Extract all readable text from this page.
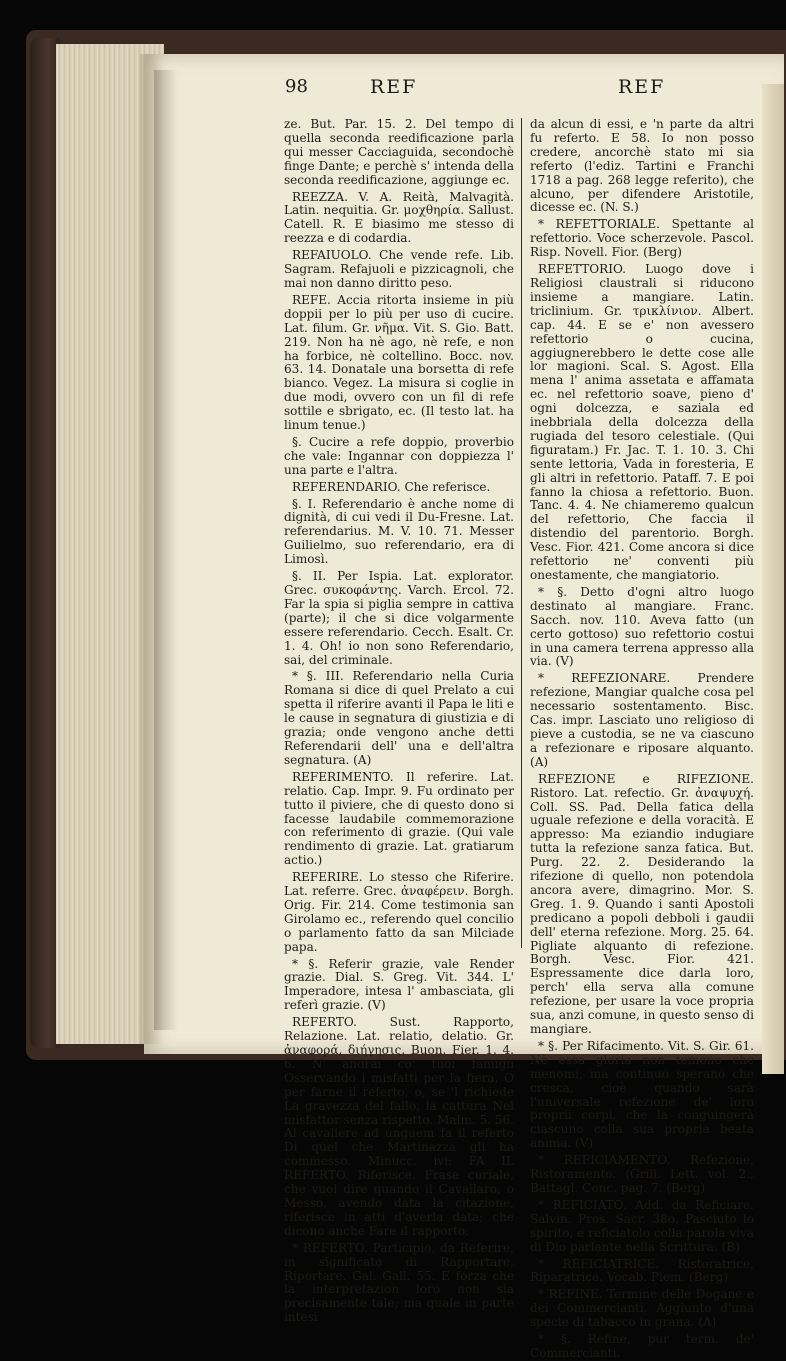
98	REF	REF

ze. But. Par. 15. 2. Del tempo di quella seconda reedificazione parla qui messer Cacciaguida, secondochè finge Dante; e perchè s' intenda della seconda reedificazione, aggiunge ec.

REEZZA. V. A. Reità, Malvagità. Latin. nequitia. Gr. μοχθηρία. Sallust. Catell. R. E biasimo me stesso di reezza e di codardia.

REFAIUOLO. Che vende refe. Lib. Sagram. Refajuoli e pizzicagnoli, che mai non danno diritto peso.

REFE. Accia ritorta insieme in più doppii per lo più per uso di cucire. Lat. filum. Gr. νῆμα. Vit. S. Gio. Batt. 219. Non ha nè ago, nè refe, e non ha forbice, nè coltellino. Bocc. nov. 63. 14. Donatale una borsetta di refe bianco. Vegez. La misura si coglie in due modi, ovvero con un fil di refe sottile e sbrigato, ec. (Il testo lat. ha linum tenue.)

§. Cucire a refe doppio, proverbio che vale: Ingannar con doppiezza l' una parte e l'altra.

REFERENDARIO. Che referisce.

§. I. Referendario è anche nome di dignità, di cui vedi il Du-Fresne. Lat. referendarius. M. V. 10. 71. Messer Guilielmo, suo referendario, era di Limosì.

§. II. Per Ispia. Lat. explorator. Grec. συκοφάντης. Varch. Ercol. 72. Far la spia si piglia sempre in cattiva (parte); il che si dice volgarmente essere referendario. Cecch. Esalt. Cr. 1. 4. Oh! io non sono Referendario, sai, del criminale.

* §. III. Referendario nella Curia Romana si dice di quel Prelato a cui spetta il riferire avanti il Papa le liti e le cause in segnatura di giustizia e di grazia; onde vengono anche detti Referendarii dell' una e dell'altra segnatura. (A)

REFERIMENTO. Il referire. Lat. relatio. Cap. Impr. 9. Fu ordinato per tutto il piviere, che di questo dono si facesse laudabile commemorazione con referimento di grazie. (Qui vale rendimento di grazie. Lat. gratiarum actio.)

REFERIRE. Lo stesso che Riferire. Lat. referre. Grec. ἀναφέρειν. Borgh. Orig. Fir. 214. Come testimonia san Girolamo ec., referendo quel concilio o parlamento fatto da san Milciade papa.

* §. Referir grazie, vale Render grazie. Dial. S. Greg. Vit. 344. L' Imperadore, intesa l' ambasciata, gli referì grazie. (V)

REFERTO. Sust. Rapporto, Relazione. Lat. relatio, delatio. Gr. ἀναφορά, διήγησις. Buon. Fier. 1. 4. 6. N' andrai co' tuoi famigli Osservando i misfatti per la fiera, O per farne il referto, o, se 'l richiede La gravezza del fallo, la cattura Nel misfattor senza rispetto. Malm. 5. 56. Al cavaliere ad unguem fa il referto Di quel che Martinazza gli ha commesso. Minucc. ivi: FA IL REFERTO. Riferisce. Frase curiale, che vuol dire quando il Cavallaro, o Messo, avendo data la citazione, riferisce in atti d'averla data; che dicono anche Fare il rapporto.

* REFERTO. Participio, da Referire, in significato di Rapportare, Riportare. Gal. Gall. 55. E forza che la interpretazion loro non sia precisamente tale; ma quale in parte intesi

da alcun di essi, e 'n parte da altri fu referto. E 58. Io non posso credere, ancorchè stato mi sia referto (l'ediz. Tartini e Franchi 1718 a pag. 268 legge referito), che alcuno, per difendere Aristotile, dicesse ec. (N. S.)

* REFETTORIALE. Spettante al refettorio. Voce scherzevole. Pascol. Risp. Novell. Fior. (Berg)

REFETTORIO. Luogo dove i Religiosi claustrali si riducono insieme a mangiare. Latin. triclinium. Gr. τρικλίνιον. Albert. cap. 44. E se e' non avessero refettorio o cucina, aggiugnerebbero le dette cose alle lor magioni. Scal. S. Agost. Ella mena l' anima assetata e affamata ec. nel refettorio soave, pieno d' ogni dolcezza, e saziala ed inebbriala della dolcezza della rugiada del tesoro celestiale. (Qui figuratam.) Fr. Jac. T. 1. 10. 3. Chi sente lettoria, Vada in foresteria, E gli altri in refettorio. Pataff. 7. E poi fanno la chiosa a refettorio. Buon. Tanc. 4. 4. Ne chiameremo qualcun del refettorio, Che faccia il distendio del parentorio. Borgh. Vesc. Fior. 421. Come ancora si dice refettorio ne' conventi più onestamente, che mangiatorio.

* §. Detto d'ogni altro luogo destinato al mangiare. Franc. Sacch. nov. 110. Aveva fatto (un certo gottoso) suo refettorio costui in una camera terrena appresso alla via. (V)

* REFEZIONARE. Prendere refezione, Mangiar qualche cosa pel necessario sostentamento. Bisc. Cas. impr. Lasciato uno religioso di pieve a custodia, se ne va ciascuno a refezionare e riposare alquanto. (A)

REFEZIONE e RIFEZIONE. Ristoro. Lat. refectio. Gr. ἀναψυχή. Coll. SS. Pad. Della fatica della uguale refezione e della voracità. E appresso: Ma eziandio indugiare tutta la refezione sanza fatica. But. Purg. 22. 2. Desiderando la rifezione di quello, non potendola ancora avere, dimagrino. Mor. S. Greg. 1. 9. Quando i santi Apostoli predicano a popoli debboli i gaudii dell' eterna refezione. Morg. 25. 64. Pigliate alquanto di refezione. Borgh. Vesc. Fior. 421. Espressamente dice darla loro, perch' ella serva alla comune refezione, per usare la voce propria sua, anzi comune, in questo senso di mangiare.

* §. Per Rifacimento. Vit. S. Gir. 61. Nè essa gloria non temono che menomi, ma continuo sperano che cresca, cioè quando sarà l'universale refezione de' loro proprii corpi, che la conguingerà ciascuno colla sua propria beata anima. (V)

* REFICIAMENTO. Refezione, Ristoramento. (Grill. Lett. vol. 2., Battagl. Conc. pag. 7. (Berg)

* REFICIATO. Add. da Reficiare. Salvin. Pros. Sacr. 38o. Pasciuto lo spirito, e reficiatolo colla parola viva di Dio parlante nella Scrittura. (B)

* REFICIATRICE. Ristoratrice, Riparatrice. Vocab. Piem. (Berg)

* REFINE. Termine delle Dogane e dei Commercianti. Aggiunto d'una specie di tabacco in grana. (A)

* §. Refine, pur term. de' Commercianti.
